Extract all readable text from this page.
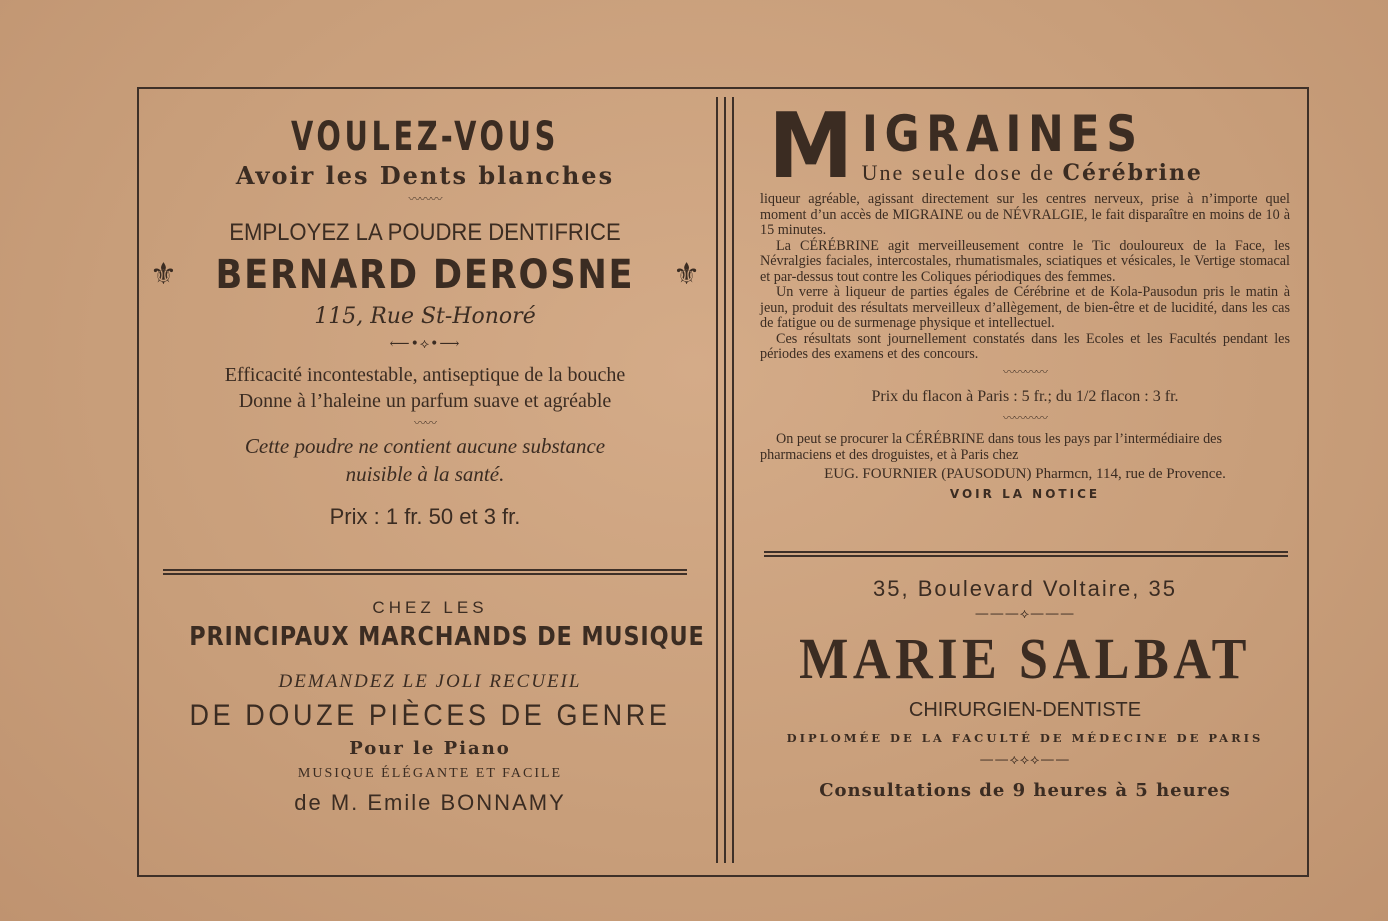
VOULEZ-VOUS
Avoir les Dents blanches
〰〰〰
EMPLOYEZ LA POUDRE DENTIFRICE
⚜ BERNARD DEROSNE ⚜
115, Rue St-Honoré
⟵•⟡•⟶
Efficacité incontestable, antiseptique de la bouche
Donne à l’haleine un parfum suave et agréable
〰〰
Cette poudre ne contient aucune substance
nuisible à la santé.
Prix : 1 fr. 50 et 3 fr.
CHEZ LES
PRINCIPAUX MARCHANDS DE MUSIQUE
DEMANDEZ LE JOLI RECUEIL
DE DOUZE PIÈCES DE GENRE
Pour le Piano
MUSIQUE ÉLÉGANTE ET FACILE
de M. Emile BONNAMY
M IGRAINES
Une seule dose de Cérébrine

liqueur agréable, agissant directement sur les centres nerveux, prise à n’importe quel moment d’un accès de MIGRAINE ou de NÉVRALGIE, le fait disparaître en moins de 10 à 15 minutes.

La CÉRÉBRINE agit merveilleusement contre le Tic douloureux de la Face, les Névralgies faciales, intercostales, rhumatismales, sciatiques et vésicales, le Vertige stomacal et par-dessus tout contre les Coliques périodiques des femmes.

Un verre à liqueur de parties égales de Cérébrine et de Kola-Pausodun pris le matin à jeun, produit des résultats merveilleux d’allègement, de bien-être et de lucidité, dans les cas de fatigue ou de surmenage physique et intellectuel.

Ces résultats sont journellement constatés dans les Ecoles et les Facultés pendant les périodes des examens et des concours.

〰〰〰〰
Prix du flacon à Paris : 5 fr.; du 1/2 flacon : 3 fr.
〰〰〰〰
On peut se procurer la CÉRÉBRINE dans tous les pays par l’intermédiaire des pharmaciens et des droguistes, et à Paris chez
EUG. FOURNIER (PAUSODUN) Pharmcn, 114, rue de Provence.
VOIR LA NOTICE
35, Boulevard Voltaire, 35
———⟡———
MARIE SALBAT
CHIRURGIEN-DENTISTE
DIPLOMÉE DE LA FACULTÉ DE MÉDECINE DE PARIS
——⟡⟡⟡——
Consultations de 9 heures à 5 heures
